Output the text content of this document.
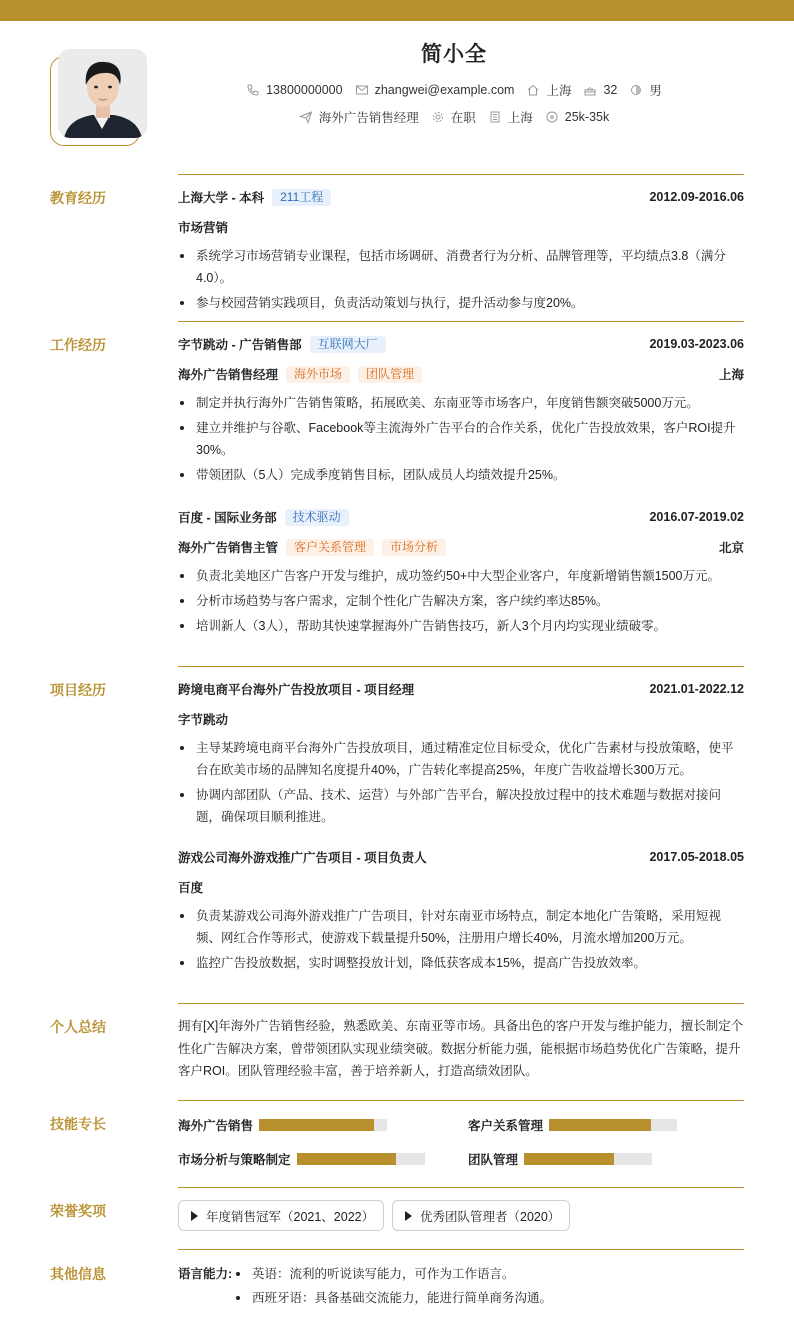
简小全
13800000000	zhangwei@example.com	上海	32	男
海外广告销售经理	在职	上海	25k-35k
教育经历	上海大学 - 本科	211工程	2012.09-2016.06
市场营销
系统学习市场营销专业课程，包括市场调研、消费者行为分析、品牌管理等，平均绩点3.8（满分4.0）。
参与校园营销实践项目，负责活动策划与执行，提升活动参与度20%。
工作经历	字节跳动 - 广告销售部	互联网大厂	2019.03-2023.06
海外广告销售经理	海外市场	团队管理	上海
制定并执行海外广告销售策略，拓展欧美、东南亚等市场客户，年度销售额突破5000万元。
建立并维护与谷歌、Facebook等主流海外广告平台的合作关系，优化广告投放效果，客户ROI提升30%。
带领团队（5人）完成季度销售目标，团队成员人均绩效提升25%。
百度 - 国际业务部	技术驱动	2016.07-2019.02
海外广告销售主管	客户关系管理	市场分析	北京
负责北美地区广告客户开发与维护，成功签约50+中大型企业客户，年度新增销售额1500万元。
分析市场趋势与客户需求，定制个性化广告解决方案，客户续约率达85%。
培训新人（3人），帮助其快速掌握海外广告销售技巧，新人3个月内均实现业绩破零。
项目经历	跨境电商平台海外广告投放项目 - 项目经理	2021.01-2022.12
字节跳动
主导某跨境电商平台海外广告投放项目，通过精准定位目标受众，优化广告素材与投放策略，使平台在欧美市场的品牌知名度提升40%，广告转化率提高25%，年度广告收益增长300万元。
协调内部团队（产品、技术、运营）与外部广告平台，解决投放过程中的技术难题与数据对接问题，确保项目顺利推进。
游戏公司海外游戏推广广告项目 - 项目负责人	2017.05-2018.05
百度
负责某游戏公司海外游戏推广广告项目，针对东南亚市场特点，制定本地化广告策略，采用短视频、网红合作等形式，使游戏下载量提升50%，注册用户增长40%，月流水增加200万元。
监控广告投放数据，实时调整投放计划，降低获客成本15%，提高广告投放效率。
个人总结	拥有[X]年海外广告销售经验，熟悉欧美、东南亚等市场。具备出色的客户开发与维护能力，擅长制定个性化广告解决方案，曾带领团队实现业绩突破。数据分析能力强，能根据市场趋势优化广告策略，提升客户ROI。团队管理经验丰富，善于培养新人，打造高绩效团队。
技能专长	海外广告销售	客户关系管理
市场分析与策略制定	团队管理
荣誉奖项	年度销售冠军（2021、2022）	优秀团队管理者（2020）
其他信息	语言能力:	英语：流利的听说读写能力，可作为工作语言。
西班牙语：具备基础交流能力，能进行简单商务沟通。
